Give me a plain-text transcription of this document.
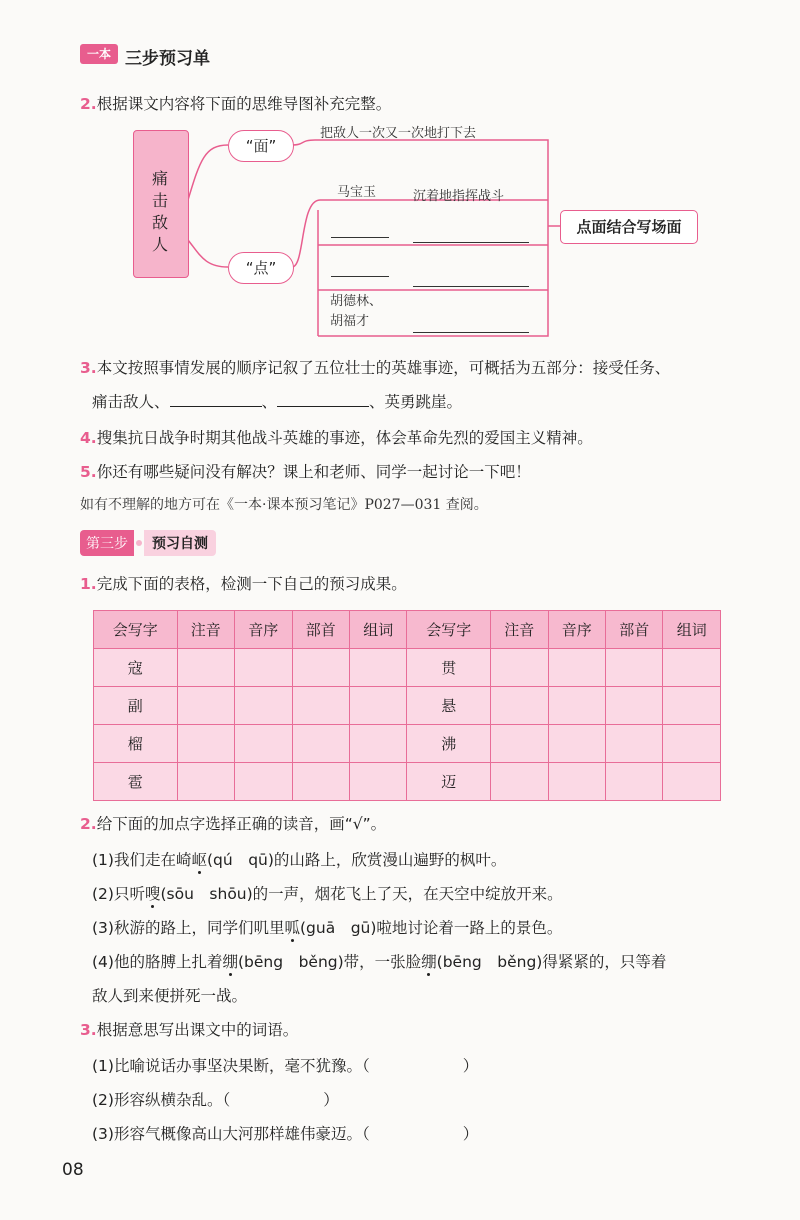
一本 三步预习单
2.根据课文内容将下面的思维导图补充完整。
痛击敌人
“面”
“点”
把敌人一次又一次地打下去
马宝玉	沉着地指挥战斗
胡德林、胡福才
点面结合写场面
3.本文按照事情发展的顺序记叙了五位壮士的英雄事迹，可概括为五部分：接受任务、
痛击敌人、	、	、英勇跳崖。
4.搜集抗日战争时期其他战斗英雄的事迹，体会革命先烈的爱国主义精神。
5.你还有哪些疑问没有解决？课上和老师、同学一起讨论一下吧！
如有不理解的地方可在《一本·课本预习笔记》P027—031 查阅。
第三步	预习自测
1.完成下面的表格，检测一下自己的预习成果。
会写字	注音	音序	部首	组词	会写字	注音	音序	部首	组词
寇					贯				
副					悬				
榴					沸				
雹					迈				
2.给下面的加点字选择正确的读音，画“√”。
(1)我们走在崎岖(qú　qū)的山路上，欣赏漫山遍野的枫叶。
(2)只听嗖(sōu　shōu)的一声，烟花飞上了天，在天空中绽放开来。
(3)秋游的路上，同学们叽里呱(guā　gū)啦地讨论着一路上的景色。
(4)他的胳膊上扎着绷(bēng　běng)带，一张脸绷(bēng　běng)得紧紧的，只等着
敌人到来便拼死一战。
3.根据意思写出课文中的词语。
(1)比喻说话办事坚决果断，毫不犹豫。（　　　　　　）
(2)形容纵横杂乱。（　　　　　　）
(3)形容气概像高山大河那样雄伟豪迈。（　　　　　　）
08
